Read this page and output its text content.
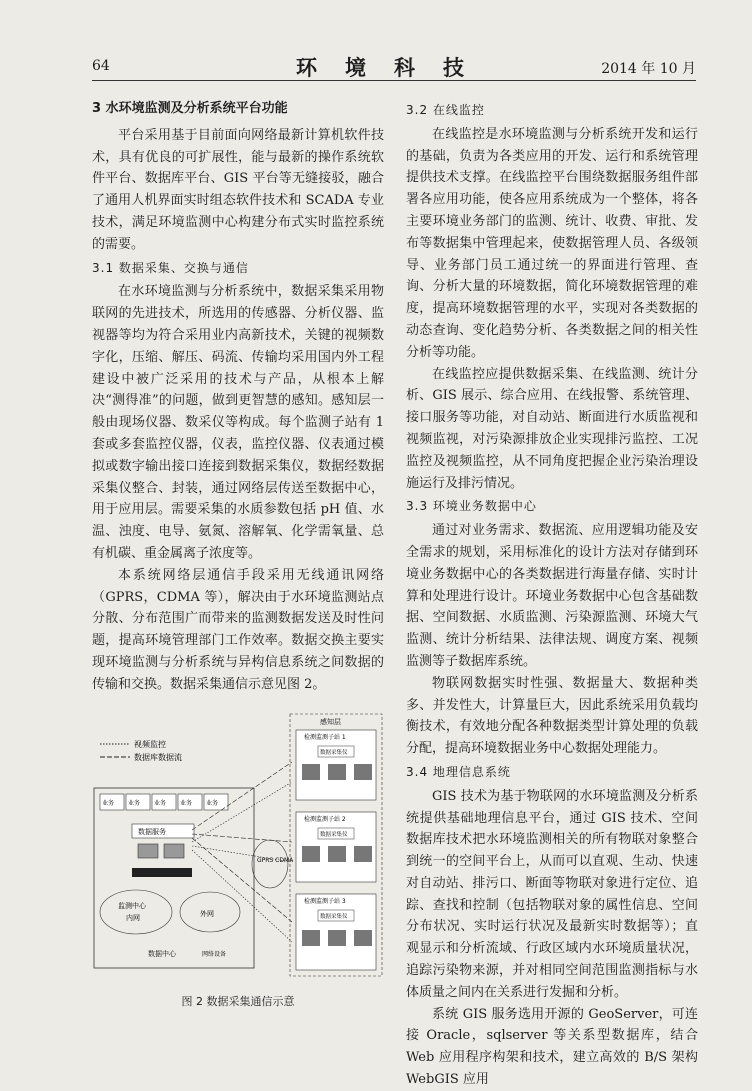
64	环境科技	2014 年 10 月
3 水环境监测及分析系统平台功能

平台采用基于目前面向网络最新计算机软件技术，具有优良的可扩展性，能与最新的操作系统软件平台、数据库平台、GIS 平台等无缝接驳，融合了通用人机界面实时组态软件技术和 SCADA 专业技术，满足环境监测中心构建分布式实时监控系统的需要。

3.1 数据采集、交换与通信

在水环境监测与分析系统中，数据采集采用物联网的先进技术，所选用的传感器、分析仪器、监视器等均为符合采用业内高新技术，关键的视频数字化，压缩、解压、码流、传输均采用国内外工程建设中被广泛采用的技术与产品，从根本上解决“测得准”的问题，做到更智慧的感知。感知层一般由现场仪器、数采仪等构成。每个监测子站有 1 套或多套监控仪器，仪表，监控仪器、仪表通过模拟或数字输出接口连接到数据采集仪，数据经数据采集仪整合、封装，通过网络层传送至数据中心，用于应用层。需要采集的水质参数包括 pH 值、水温、浊度、电导、氨氮、溶解氧、化学需氧量、总有机碳、重金属离子浓度等。

本系统网络层通信手段采用无线通讯网络（GPRS，CDMA 等），解决由于水环境监测站点分散、分布范围广而带来的监测数据发送及时性问题，提高环境管理部门工作效率。数据交换主要实现环境监测与分析系统与异构信息系统之间数据的传输和交换。数据采集通信示意见图 2。

视频监控
数据库数据流
业务 业务 业务 业务 业务
数据服务
监测中心
内网	外网
数据中心	网络设备
GPRS CDMA
感知层
检测监测子站 1
数据采集仪
检测监测子站 2
数据采集仪
检测监测子站 3
数据采集仪
图 2 数据采集通信示意
3.2 在线监控

在线监控是水环境监测与分析系统开发和运行的基础，负责为各类应用的开发、运行和系统管理提供技术支撑。在线监控平台围绕数据服务组件部署各应用功能，使各应用系统成为一个整体，将各主要环境业务部门的监测、统计、收费、审批、发布等数据集中管理起来，使数据管理人员、各级领导、业务部门员工通过统一的界面进行管理、查询、分析大量的环境数据，简化环境数据管理的难度，提高环境数据管理的水平，实现对各类数据的动态查询、变化趋势分析、各类数据之间的相关性分析等功能。

在线监控应提供数据采集、在线监测、统计分析、GIS 展示、综合应用、在线报警、系统管理、接口服务等功能，对自动站、断面进行水质监视和视频监视，对污染源排放企业实现排污监控、工况监控及视频监控，从不同角度把握企业污染治理设施运行及排污情况。

3.3 环境业务数据中心

通过对业务需求、数据流、应用逻辑功能及安全需求的规划，采用标准化的设计方法对存储到环境业务数据中心的各类数据进行海量存储、实时计算和处理进行设计。环境业务数据中心包含基础数据、空间数据、水质监测、污染源监测、环境大气监测、统计分析结果、法律法规、调度方案、视频监测等子数据库系统。

物联网数据实时性强、数据量大、数据种类多、并发性大，计算量巨大，因此系统采用负载均衡技术，有效地分配各种数据类型计算处理的负载分配，提高环境数据业务中心数据处理能力。

3.4 地理信息系统

GIS 技术为基于物联网的水环境监测及分析系统提供基础地理信息平台，通过 GIS 技术、空间数据库技术把水环境监测相关的所有物联对象整合到统一的空间平台上，从而可以直观、生动、快速对自动站、排污口、断面等物联对象进行定位、追踪、查找和控制（包括物联对象的属性信息、空间分布状况、实时运行状况及最新实时数据等）；直观显示和分析流域、行政区域内水环境质量状况，追踪污染物来源，并对相同空间范围监测指标与水体质量之间内在关系进行发掘和分析。

系统 GIS 服务选用开源的 GeoServer，可连接 Oracle，sqlserver 等关系型数据库，结合 Web 应用程序构架和技术，建立高效的 B/S 架构 WebGIS 应用
